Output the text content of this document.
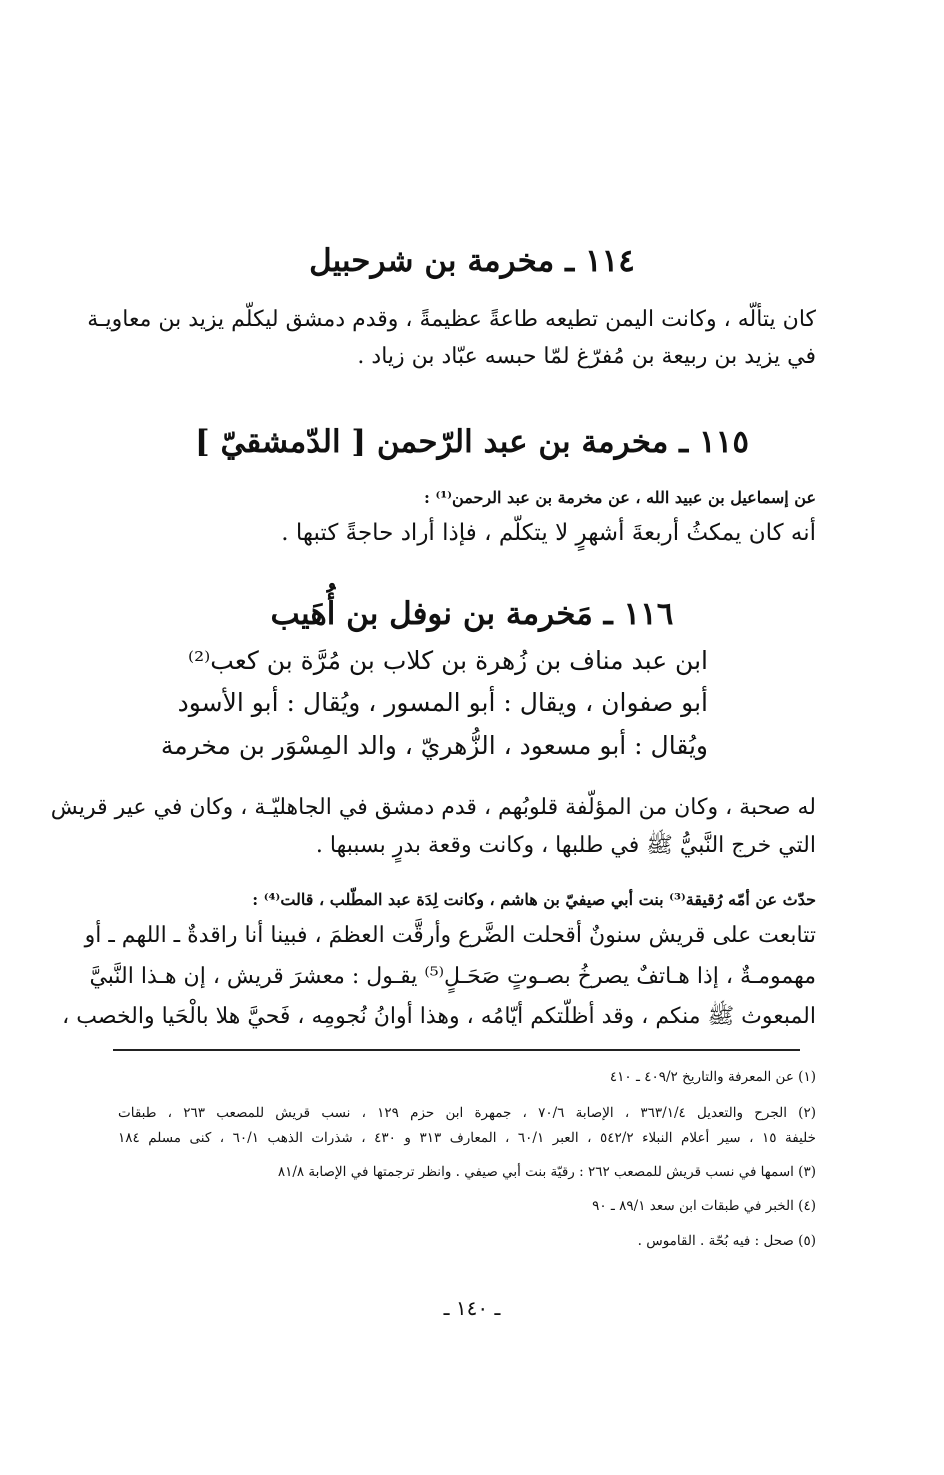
١١٤ ـ مخرمة بن شرحبيل
كان يتألّه ، وكانت اليمن تطيعه طاعةً عظيمةً ، وقدم دمشق ليكلّم يزيد بن معاويـة
في يزيد بن ربيعة بن مُفرّغ لمّا حبسه عبّاد بن زياد .
١١٥ ـ مخرمة بن عبد الرّحمن [ الدّمشقيّ ]
عن إسماعيل بن عبيد الله ، عن مخرمة بن عبد الرحمن⁽¹⁾ :
أنه كان يمكثُ أربعةَ أشهرٍ لا يتكلّم ، فإذا أراد حاجةً كتبها .
١١٦ ـ مَخرمة بن نوفل بن أُهَيب
ابن عبد مناف بن زُهرة بن كلاب بن مُرَّة بن كعب⁽²⁾
أبو صفوان ، ويقال : أبو المسور ، ويُقال : أبو الأسود
ويُقال : أبو مسعود ، الزُّهريّ ، والد المِسْوَر بن مخرمة
له صحبة ، وكان من المؤلّفة قلوبُهم ، قدم دمشق في الجاهليّـة ، وكان في عير قريش
التي خرج النَّبيُّ ﷺ في طلبها ، وكانت وقعة بدرٍ بسببها .
حدّث عن أمّه رُقيقة⁽³⁾ بنت أبي صيفيّ بن هاشم ، وكانت لِدَة عبد المطّلب ، قالت⁽⁴⁾ :
تتابعت على قريش سنونٌ أقحلت الضَّرع وأرقَّت العظمَ ، فبينا أنا راقدةٌ ـ اللهم ـ أو
مهمومـةٌ ، إذا هـاتفٌ يصرخُ بصـوتٍ صَحَـلٍ⁽⁵⁾ يقـول : معشرَ قريش ، إن هـذا النَّبيَّ
المبعوث ﷺ منكم ، وقد أظلّتكم أيّامُه ، وهذا أوانُ نُجومِه ، فَحيَّ هلا بالْحَيا والخصب ،
(١) عن المعرفة والتاريخ ٤٠٩/٢ ـ ٤١٠
(٢) الجرح والتعديل ٣٦٣/١/٤ ، الإصابة ٧٠/٦ ، جمهرة ابن حزم ١٢٩ ، نسب قريش للمصعب ٢٦٣ ، طبقات
خليفة ١٥ ، سير أعلام النبلاء ٥٤٢/٢ ، العبر ٦٠/١ ، المعارف ٣١٣ و ٤٣٠ ، شذرات الذهب ٦٠/١ ، كنى مسلم ١٨٤
(٣) اسمها في نسب قريش للمصعب ٢٦٢ : رقيّة بنت أبي صيفي . وانظر ترجمتها في الإصابة ٨١/٨
(٤) الخبر في طبقات ابن سعد ٨٩/١ ـ ٩٠
(٥) صحل : فيه بُحّة . القاموس .
ـ ١٤٠ ـ
